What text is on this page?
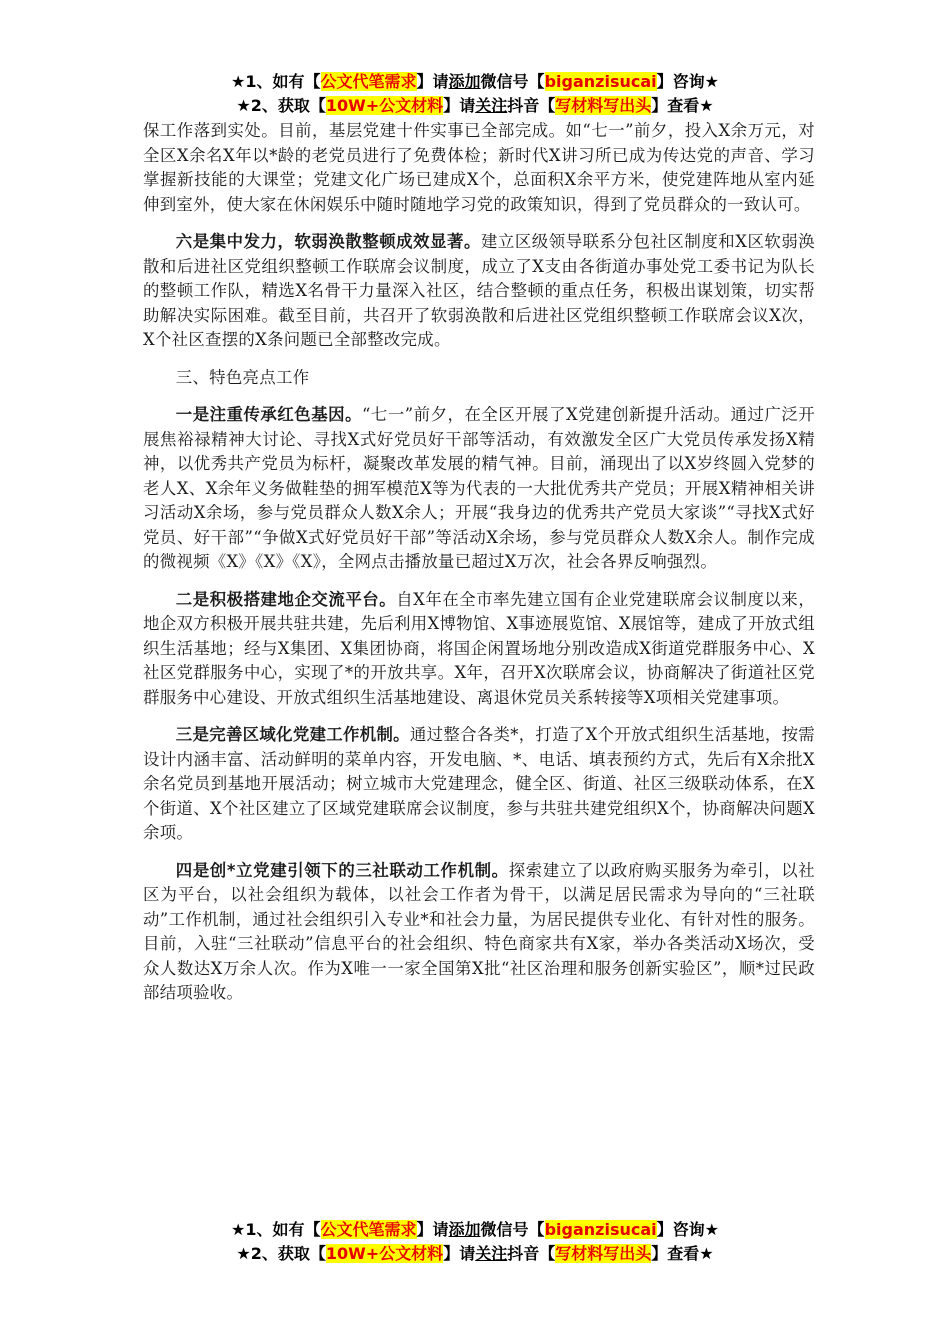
★1、如有【公文代笔需求】请添加微信号【biganzisucai】咨询★
★2、获取【10W+公文材料】请关注抖音【写材料写出头】查看★

保工作落到实处。目前，基层党建十件实事已全部完成。如“七一”前夕，投入X余万元，对全区X余名X年以*龄的老党员进行了免费体检；新时代X讲习所已成为传达党的声音、学习掌握新技能的大课堂；党建文化广场已建成X个，总面积X余平方米，使党建阵地从室内延伸到室外，使大家在休闲娱乐中随时随地学习党的政策知识，得到了党员群众的一致认可。

六是集中发力，软弱涣散整顿成效显著。建立区级领导联系分包社区制度和X区软弱涣散和后进社区党组织整顿工作联席会议制度，成立了X支由各街道办事处党工委书记为队长的整顿工作队，精选X名骨干力量深入社区，结合整顿的重点任务，积极出谋划策，切实帮助解决实际困难。截至目前，共召开了软弱涣散和后进社区党组织整顿工作联席会议X次，X个社区查摆的X条问题已全部整改完成。

三、特色亮点工作

一是注重传承红色基因。“七一”前夕，在全区开展了X党建创新提升活动。通过广泛开展焦裕禄精神大讨论、寻找X式好党员好干部等活动，有效激发全区广大党员传承发扬X精神，以优秀共产党员为标杆，凝聚改革发展的精气神。目前，涌现出了以X岁终圆入党梦的老人X、X余年义务做鞋垫的拥军模范X等为代表的一大批优秀共产党员；开展X精神相关讲习活动X余场，参与党员群众人数X余人；开展“我身边的优秀共产党员大家谈”“寻找X式好党员、好干部”“争做X式好党员好干部”等活动X余场，参与党员群众人数X余人。制作完成的微视频《X》《X》《X》，全网点击播放量已超过X万次，社会各界反响强烈。

二是积极搭建地企交流平台。自X年在全市率先建立国有企业党建联席会议制度以来，地企双方积极开展共驻共建，先后利用X博物馆、X事迹展览馆、X展馆等，建成了开放式组织生活基地；经与X集团、X集团协商，将国企闲置场地分别改造成X街道党群服务中心、X社区党群服务中心，实现了*的开放共享。X年，召开X次联席会议，协商解决了街道社区党群服务中心建设、开放式组织生活基地建设、离退休党员关系转接等X项相关党建事项。

三是完善区域化党建工作机制。通过整合各类*，打造了X个开放式组织生活基地，按需设计内涵丰富、活动鲜明的菜单内容，开发电脑、*、电话、填表预约方式，先后有X余批X余名党员到基地开展活动；树立城市大党建理念，健全区、街道、社区三级联动体系，在X个街道、X个社区建立了区域党建联席会议制度，参与共驻共建党组织X个，协商解决问题X余项。

四是创*立党建引领下的三社联动工作机制。探索建立了以政府购买服务为牵引，以社区为平台，以社会组织为载体，以社会工作者为骨干，以满足居民需求为导向的“三社联动”工作机制，通过社会组织引入专业*和社会力量，为居民提供专业化、有针对性的服务。目前，入驻“三社联动”信息平台的社会组织、特色商家共有X家，举办各类活动X场次，受众人数达X万余人次。作为X唯一一家全国第X批“社区治理和服务创新实验区”，顺*过民政部结项验收。

★1、如有【公文代笔需求】请添加微信号【biganzisucai】咨询★
★2、获取【10W+公文材料】请关注抖音【写材料写出头】查看★
